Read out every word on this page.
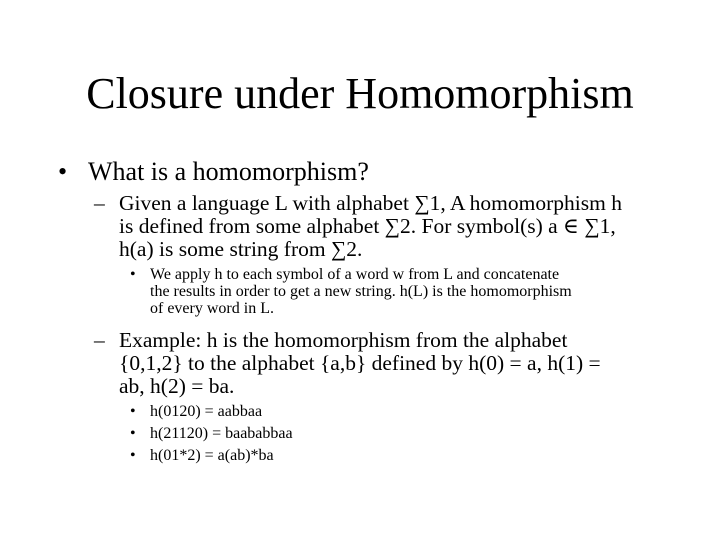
Closure under Homomorphism
• What is a homomorphism?
– Given a language L with alphabet ∑1, A homomorphism h
is defined from some alphabet ∑2. For symbol(s) a ∈ ∑1,
h(a) is some string from ∑2.
• We apply h to each symbol of a word w from L and concatenate
the results in order to get a new string. h(L) is the homomorphism
of every word in L.
– Example: h is the homomorphism from the alphabet
{0,1,2} to the alphabet {a,b} defined by h(0) = a, h(1) =
ab, h(2) = ba.
• h(0120) = aabbaa
• h(21120) = baababbaa
• h(01*2) = a(ab)*ba
